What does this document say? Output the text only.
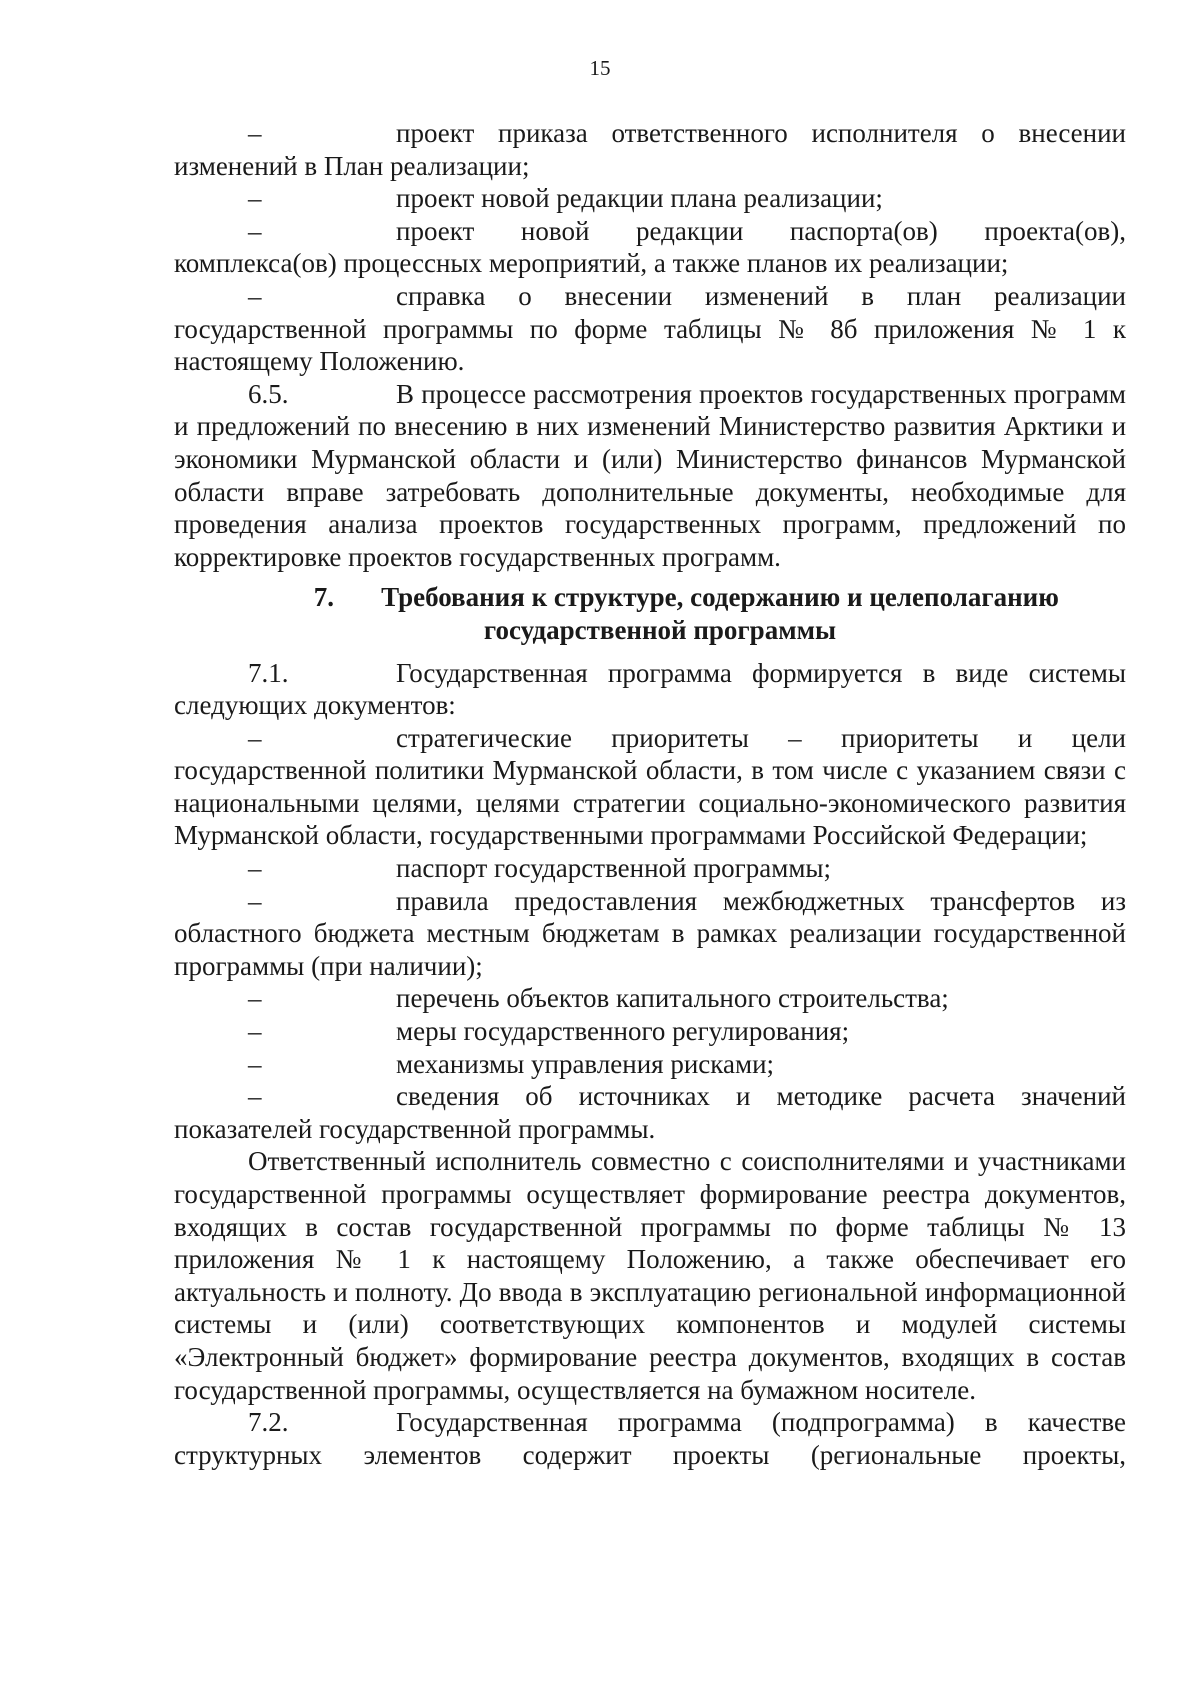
15

–	проект приказа ответственного исполнителя о внесении изменений в План реализации;

–	проект новой редакции плана реализации;

–	проект новой редакции паспорта(ов) проекта(ов), комплекса(ов) процессных мероприятий, а также планов их реализации;

–	справка о внесении изменений в план реализации государственной программы по форме таблицы № 8б приложения № 1 к настоящему Положению.

6.5.	В процессе рассмотрения проектов государственных программ и предложений по внесению в них изменений Министерство развития Арктики и экономики Мурманской области и (или) Министерство финансов Мурманской области вправе затребовать дополнительные документы, необходимые для проведения анализа проектов государственных программ, предложений по корректировке проектов государственных программ.

7.	Требования к структуре, содержанию и целеполаганию
государственной программы

7.1.	Государственная программа формируется в виде системы следующих документов:

–	стратегические приоритеты – приоритеты и цели государственной политики Мурманской области, в том числе с указанием связи с национальными целями, целями стратегии социально-экономического развития Мурманской области, государственными программами Российской Федерации;

–	паспорт государственной программы;

–	правила предоставления межбюджетных трансфертов из областного бюджета местным бюджетам в рамках реализации государственной программы (при наличии);

–	перечень объектов капитального строительства;

–	меры государственного регулирования;

–	механизмы управления рисками;

–	сведения об источниках и методике расчета значений показателей государственной программы.

Ответственный исполнитель совместно с соисполнителями и участниками государственной программы осуществляет формирование реестра документов, входящих в состав государственной программы по форме таблицы № 13 приложения № 1 к настоящему Положению, а также обеспечивает его актуальность и полноту. До ввода в эксплуатацию региональной информационной системы и (или) соответствующих компонентов и модулей системы «Электронный бюджет» формирование реестра документов, входящих в состав государственной программы, осуществляется на бумажном носителе.

7.2.	Государственная программа (подпрограмма) в качестве структурных элементов содержит проекты (региональные проекты,
